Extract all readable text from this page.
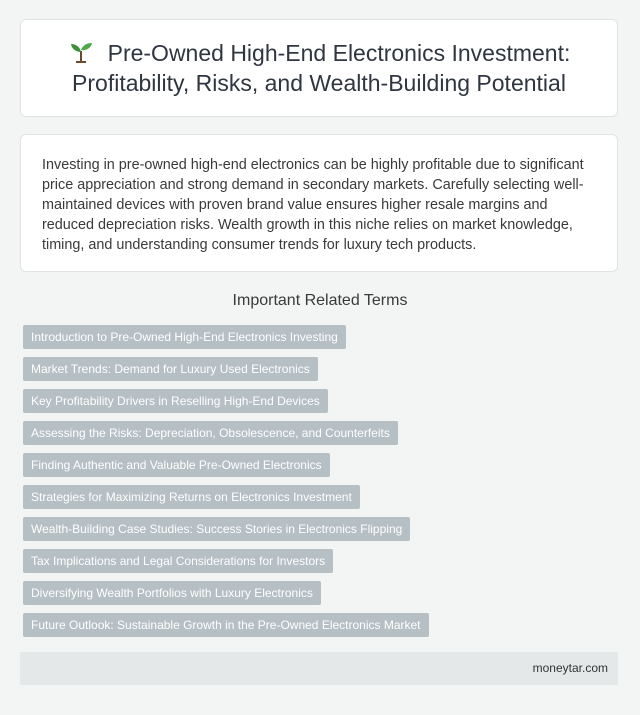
Pre-Owned High-End Electronics Investment: Profitability, Risks, and Wealth-Building Potential

Investing in pre-owned high-end electronics can be highly profitable due to significant price appreciation and strong demand in secondary markets. Carefully selecting well-maintained devices with proven brand value ensures higher resale margins and reduced depreciation risks. Wealth growth in this niche relies on market knowledge, timing, and understanding consumer trends for luxury tech products.

Important Related Terms
Introduction to Pre-Owned High-End Electronics Investing
Market Trends: Demand for Luxury Used Electronics
Key Profitability Drivers in Reselling High-End Devices
Assessing the Risks: Depreciation, Obsolescence, and Counterfeits
Finding Authentic and Valuable Pre-Owned Electronics
Strategies for Maximizing Returns on Electronics Investment
Wealth-Building Case Studies: Success Stories in Electronics Flipping
Tax Implications and Legal Considerations for Investors
Diversifying Wealth Portfolios with Luxury Electronics
Future Outlook: Sustainable Growth in the Pre-Owned Electronics Market
moneytar.com
